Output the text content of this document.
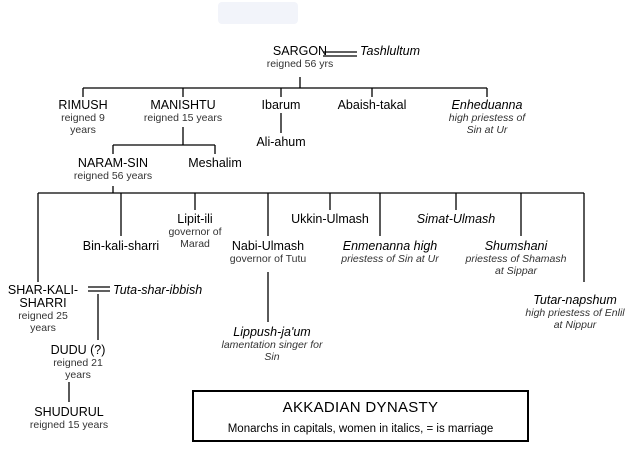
SARGON
reigned 56 yrs
Tashlultum
RIMUSH
reigned 9
years
MANISHTU
reigned 15 years
Ibarum	Abaish-takal	Enheduanna
high priestess of
Sin at Ur
Ali-ahum
NARAM-SIN
reigned 56 years
Meshalim
Lipit-ili
governor of
Marad
Ukkin-Ulmash	Simat-Ulmash
Bin-kali-sharri	Nabi-Ulmash
governor of Tutu
Enmenanna high
priestess of Sin at Ur
Shumshani
priestess of Shamash
at Sippar
SHAR-KALI-
SHARRI
reigned 25
years
Tuta-shar-ibbish
Tutar-napshum
high priestess of Enlil
at Nippur
Lippush-ja'um
lamentation singer for
Sin
DUDU (?)
reigned 21
years
SHUDURUL
reigned 15 years
AKKADIAN DYNASTY
Monarchs in capitals, women in italics, = is marriage
